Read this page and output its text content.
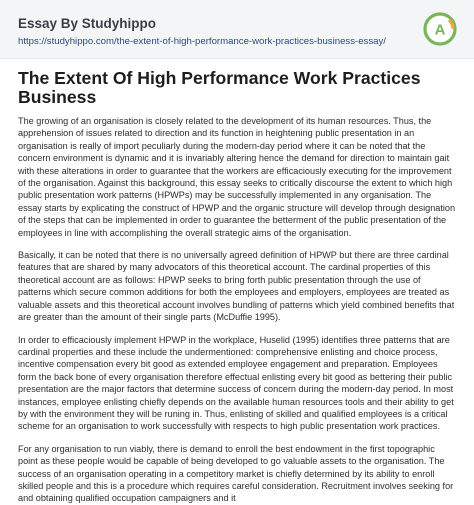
Essay By Studyhippo
https://studyhippo.com/the-extent-of-high-performance-work-practices-business-essay/
A
The Extent Of High Performance Work Practices Business

The growing of an organisation is closely related to the development of its human resources. Thus, the apprehension of issues related to direction and its function in heightening public presentation in an organisation is really of import peculiarly during the modern-day period where it can be noted that the concern environment is dynamic and it is invariably altering hence the demand for direction to maintain gait with these alterations in order to guarantee that the workers are efficaciously executing for the improvement of the organisation. Against this background, this essay seeks to critically discourse the extent to which high public presentation work patterns (HPWPs) may be successfully implemented in any organisation. The essay starts by explicating the construct of HPWP and the organic structure will develop through designation of the steps that can be implemented in order to guarantee the betterment of the public presentation of the employees in line with accomplishing the overall strategic aims of the organisation.

Basically, it can be noted that there is no universally agreed definition of HPWP but there are three cardinal features that are shared by many advocators of this theoretical account. The cardinal properties of this theoretical account are as follows: HPWP seeks to bring forth public presentation through the use of patterns which secure common additions for both the employees and employers, employees are treated as valuable assets and this theoretical account involves bundling of patterns which yield combined benefits that are greater than the amount of their single parts (McDuffie 1995).

In order to efficaciously implement HPWP in the workplace, Huselid (1995) identifies three patterns that are cardinal properties and these include the undermentioned: comprehensive enlisting and choice process, incentive compensation every bit good as extended employee engagement and preparation. Employees form the back bone of every organisation therefore effectual enlisting every bit good as bettering their public presentation are the major factors that determine success of concern during the modern-day period. In most instances, employee enlisting chiefly depends on the available human resources tools and their ability to get by with the environment they will be runing in. Thus, enlisting of skilled and qualified employees is a critical scheme for an organisation to work successfully with respects to high public presentation work practices.

For any organisation to run viably, there is demand to enroll the best endowment in the first topographic point as these people would be capable of being developed to go valuable assets to the organisation. The success of an organisation operating in a competitory market is chiefly determined by its ability to enroll skilled people and this is a procedure which requires careful consideration. Recruitment involves seeking for and obtaining qualified occupation campaigners and it
